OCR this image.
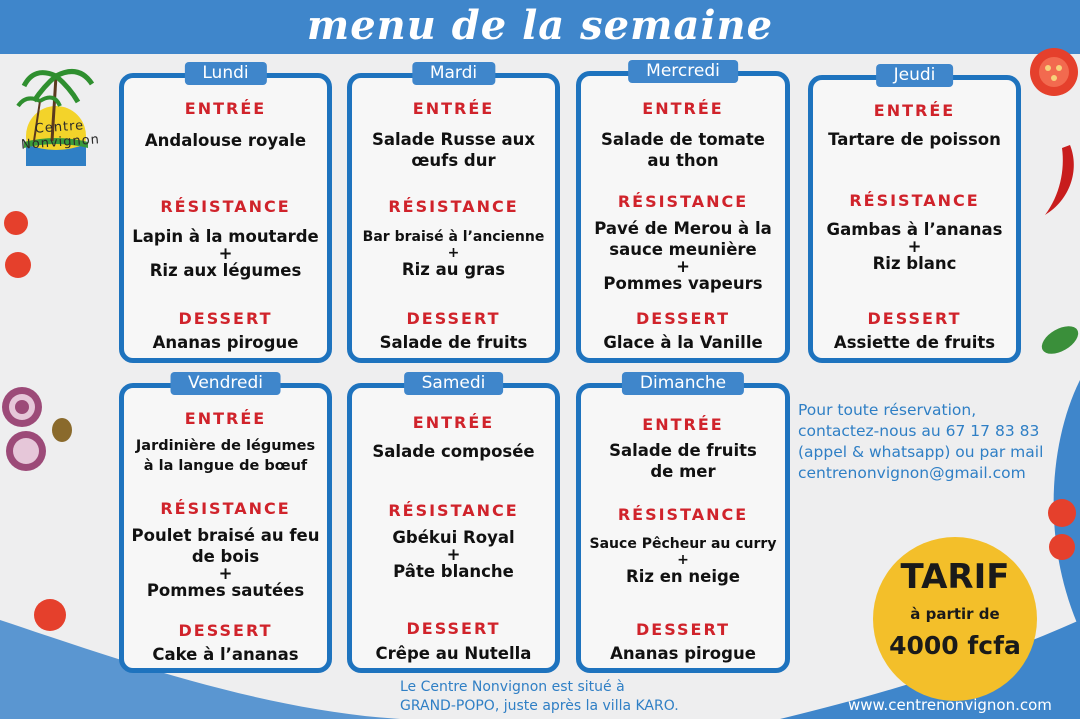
menu de la semaine
Centre Nonvignon
Lundi
ENTRÉE
Andalouse royale
RÉSISTANCE
Lapin à la moutarde
+
Riz aux légumes
DESSERT
Ananas pirogue
Mardi
ENTRÉE
Salade Russe aux
œufs dur
RÉSISTANCE
Bar braisé à l’ancienne
+
Riz au gras
DESSERT
Salade de fruits
Mercredi
ENTRÉE
Salade de tomate
au thon
RÉSISTANCE
Pavé de Merou à la
sauce meunière
+
Pommes vapeurs
DESSERT
Glace à la Vanille
Jeudi
ENTRÉE
Tartare de poisson
RÉSISTANCE
Gambas à l’ananas
+
Riz blanc
DESSERT
Assiette de fruits
Vendredi
ENTRÉE
Jardinière de légumes
à la langue de bœuf
RÉSISTANCE
Poulet braisé au feu
de bois
+
Pommes sautées
DESSERT
Cake à l’ananas
Samedi
ENTRÉE
Salade composée
RÉSISTANCE
Gbékui Royal
+
Pâte blanche
DESSERT
Crêpe au Nutella
Dimanche
ENTRÉE
Salade de fruits
de mer
RÉSISTANCE
Sauce Pêcheur au curry
+
Riz en neige
DESSERT
Ananas pirogue
Pour toute réservation,
contactez-nous au 67 17 83 83
(appel & whatsapp) ou par mail
centrenonvignon@gmail.com
TARIF
à partir de
4000 fcfa
Le Centre Nonvignon est situé à
GRAND-POPO, juste après la villa KARO.	www.centrenonvignon.com
